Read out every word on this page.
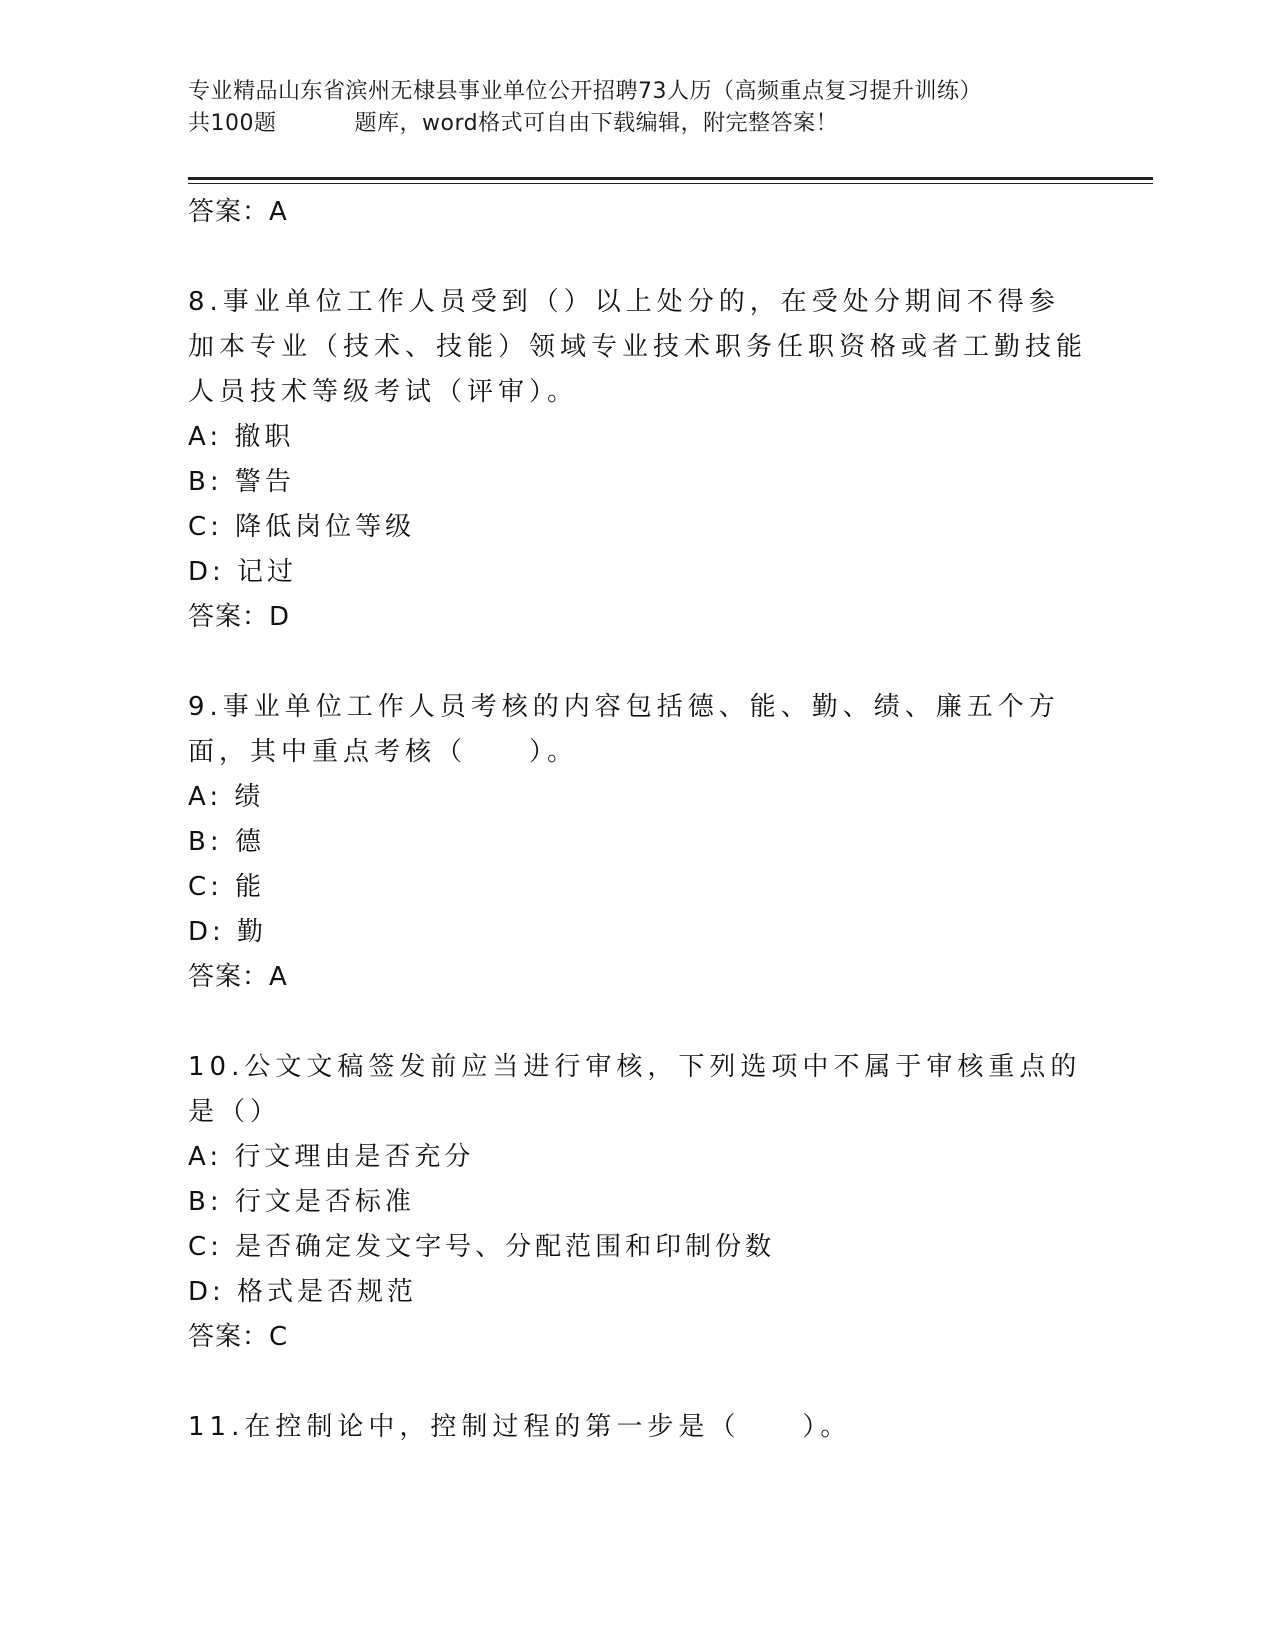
专业精品山东省滨州无棣县事业单位公开招聘73人历（高频重点复习提升训练）
共100题	题库，word格式可自由下载编辑，附完整答案！
答案：A
8.事业单位工作人员受到（）以上处分的，在受处分期间不得参加本专业（技术、技能）领域专业技术职务任职资格或者工勤技能人员技术等级考试（评审）。
A: 撤职
B: 警告
C: 降低岗位等级
D: 记过
答案：D
9.事业单位工作人员考核的内容包括德、能、勤、绩、廉五个方面，其中重点考核（　　）。
A: 绩
B: 德
C: 能
D: 勤
答案：A
10.公文文稿签发前应当进行审核，下列选项中不属于审核重点的是（）
A: 行文理由是否充分
B: 行文是否标准
C: 是否确定发文字号、分配范围和印制份数
D: 格式是否规范
答案：C
11.在控制论中，控制过程的第一步是（　　）。
